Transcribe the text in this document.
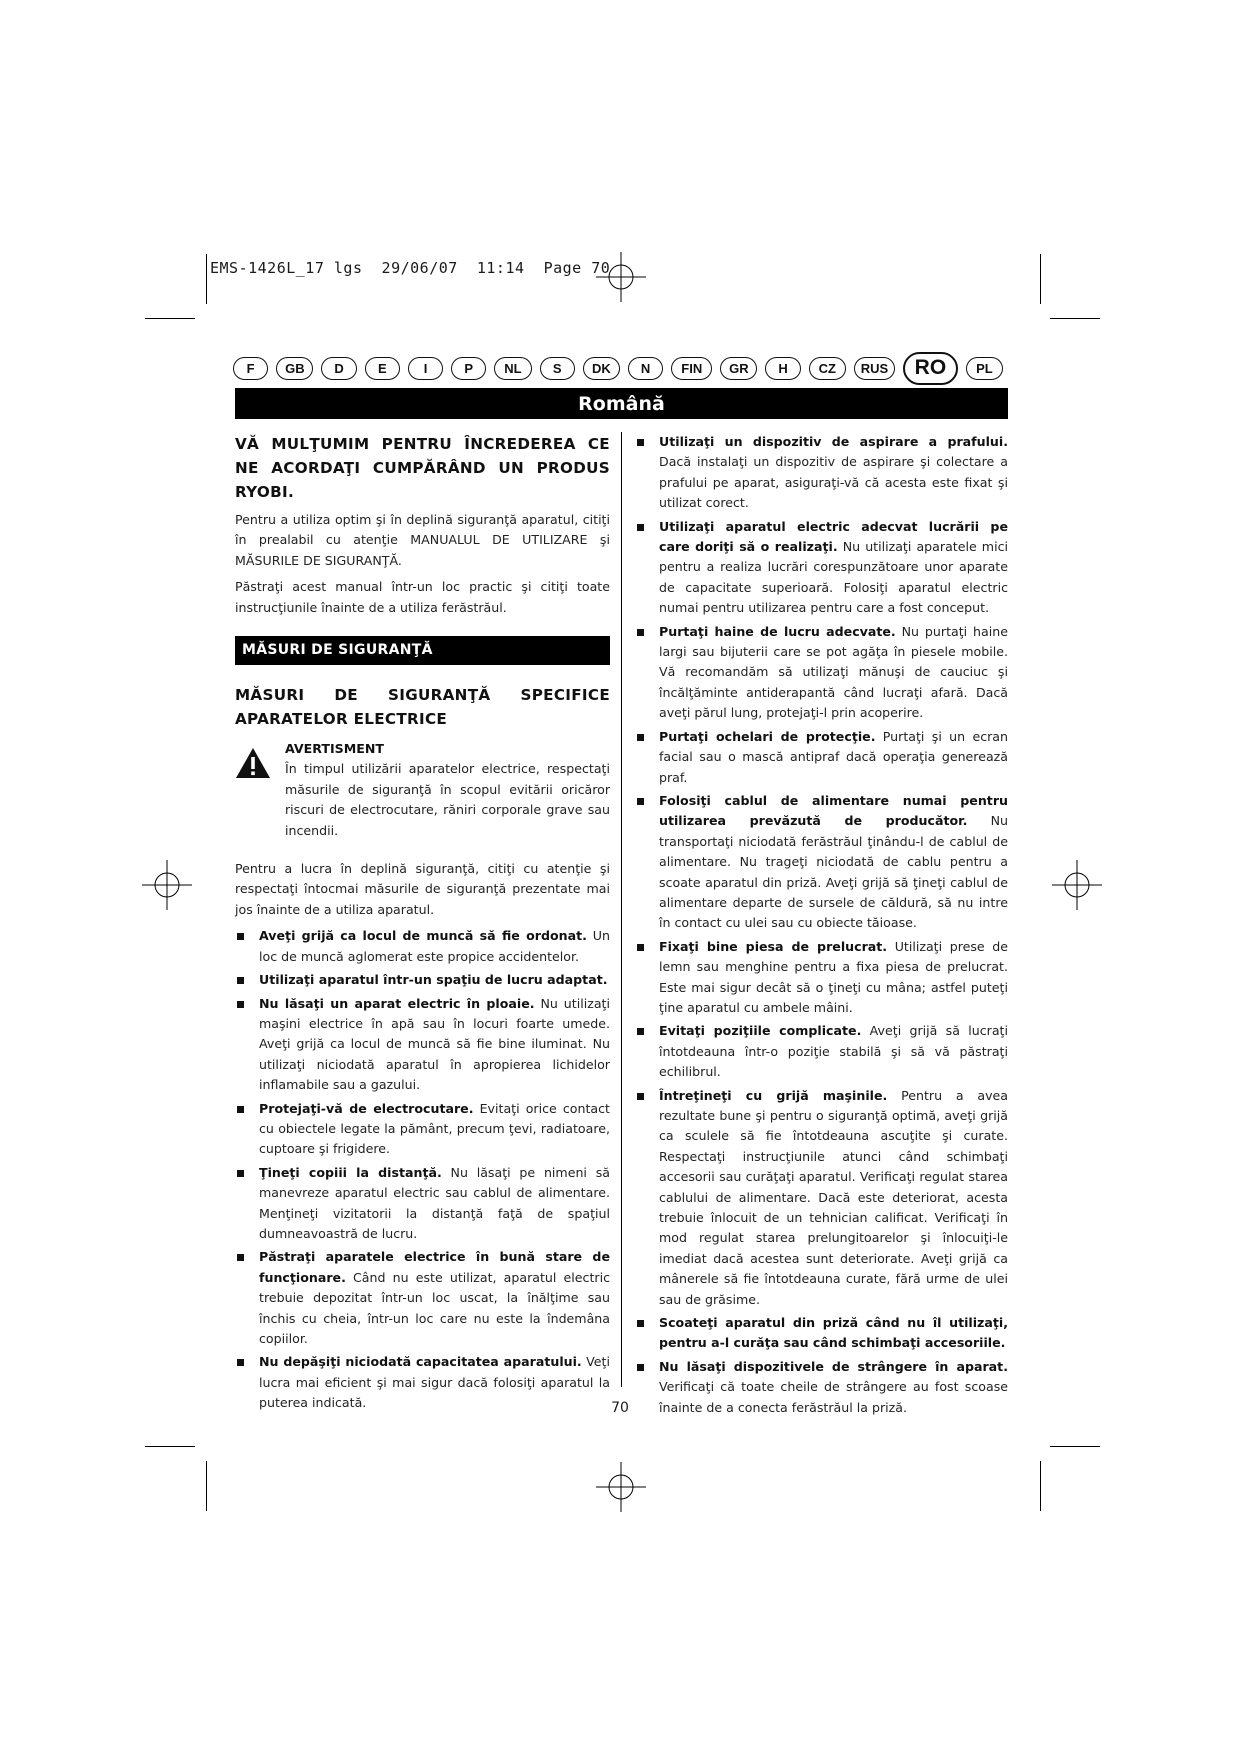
EMS-1426L_17 lgs  29/06/07  11:14  Page 70
F	GB	D	E	I	P	NL	S	DK	N	FIN	GR	H	CZ	RUS	RO	PL
Română

VĂ MULŢUMIM PENTRU ÎNCREDEREA CE NE ACORDAŢI CUMPĂRÂND UN PRODUS RYOBI.

Pentru a utiliza optim şi în deplină siguranţă aparatul, citiţi în prealabil cu atenţie MANUALUL DE UTILIZARE şi MĂSURILE DE SIGURANŢĂ.

Păstraţi acest manual într-un loc practic şi citiţi toate instrucţiunile înainte de a utiliza ferăstrăul.

MĂSURI DE SIGURANŢĂ

MĂSURI DE SIGURANŢĂ SPECIFICE APARATELOR ELECTRICE

AVERTISMENT

În timpul utilizării aparatelor electrice, respectaţi măsurile de siguranţă în scopul evitării oricăror riscuri de electrocutare, răniri corporale grave sau incendii.

Pentru a lucra în deplină siguranţă, citiţi cu atenţie şi respectaţi întocmai măsurile de siguranţă prezentate mai jos înainte de a utiliza aparatul.

Aveţi grijă ca locul de muncă să fie ordonat. Un loc de muncă aglomerat este propice accidentelor.
Utilizaţi aparatul într-un spaţiu de lucru adaptat.
Nu lăsaţi un aparat electric în ploaie. Nu utilizaţi maşini electrice în apă sau în locuri foarte umede. Aveţi grijă ca locul de muncă să fie bine iluminat. Nu utilizaţi niciodată aparatul în apropierea lichidelor inflamabile sau a gazului.
Protejaţi-vă de electrocutare. Evitaţi orice contact cu obiectele legate la pământ, precum ţevi, radiatoare, cuptoare şi frigidere.
Ţineţi copiii la distanţă. Nu lăsaţi pe nimeni să manevreze aparatul electric sau cablul de alimentare. Menţineţi vizitatorii la distanţă faţă de spaţiul dumneavoastră de lucru.
Păstraţi aparatele electrice în bună stare de funcţionare. Când nu este utilizat, aparatul electric trebuie depozitat într-un loc uscat, la înălţime sau închis cu cheia, într-un loc care nu este la îndemâna copiilor.
Nu depăşiţi niciodată capacitatea aparatului. Veţi lucra mai eficient şi mai sigur dacă folosiţi aparatul la puterea indicată.
Utilizaţi un dispozitiv de aspirare a prafului. Dacă instalaţi un dispozitiv de aspirare şi colectare a prafului pe aparat, asiguraţi-vă că acesta este fixat şi utilizat corect.
Utilizaţi aparatul electric adecvat lucrării pe care doriţi să o realizaţi. Nu utilizaţi aparatele mici pentru a realiza lucrări corespunzătoare unor aparate de capacitate superioară. Folosiţi aparatul electric numai pentru utilizarea pentru care a fost conceput.
Purtaţi haine de lucru adecvate. Nu purtaţi haine largi sau bijuterii care se pot agăţa în piesele mobile. Vă recomandăm să utilizaţi mănuşi de cauciuc şi încălţăminte antiderapantă când lucraţi afară. Dacă aveţi părul lung, protejaţi-l prin acoperire.
Purtaţi ochelari de protecţie. Purtaţi şi un ecran facial sau o mască antipraf dacă operaţia generează praf.
Folosiţi cablul de alimentare numai pentru utilizarea prevăzută de producător. Nu transportaţi niciodată ferăstrăul ţinându-l de cablul de alimentare. Nu trageţi niciodată de cablu pentru a scoate aparatul din priză. Aveţi grijă să ţineţi cablul de alimentare departe de sursele de căldură, să nu intre în contact cu ulei sau cu obiecte tăioase.
Fixaţi bine piesa de prelucrat. Utilizaţi prese de lemn sau menghine pentru a fixa piesa de prelucrat. Este mai sigur decât să o ţineţi cu mâna; astfel puteţi ţine aparatul cu ambele mâini.
Evitaţi poziţiile complicate. Aveţi grijă să lucraţi întotdeauna într-o poziţie stabilă şi să vă păstraţi echilibrul.
Întreţineţi cu grijă maşinile. Pentru a avea rezultate bune şi pentru o siguranţă optimă, aveţi grijă ca sculele să fie întotdeauna ascuţite şi curate. Respectaţi instrucţiunile atunci când schimbaţi accesorii sau curăţaţi aparatul. Verificaţi regulat starea cablului de alimentare. Dacă este deteriorat, acesta trebuie înlocuit de un tehnician calificat. Verificaţi în mod regulat starea prelungitoarelor şi înlocuiţi-le imediat dacă acestea sunt deteriorate. Aveţi grijă ca mânerele să fie întotdeauna curate, fără urme de ulei sau de grăsime.
Scoateţi aparatul din priză când nu îl utilizaţi, pentru a-l curăţa sau când schimbaţi accesoriile.
Nu lăsaţi dispozitivele de strângere în aparat. Verificaţi că toate cheile de strângere au fost scoase înainte de a conecta ferăstrăul la priză.
70
